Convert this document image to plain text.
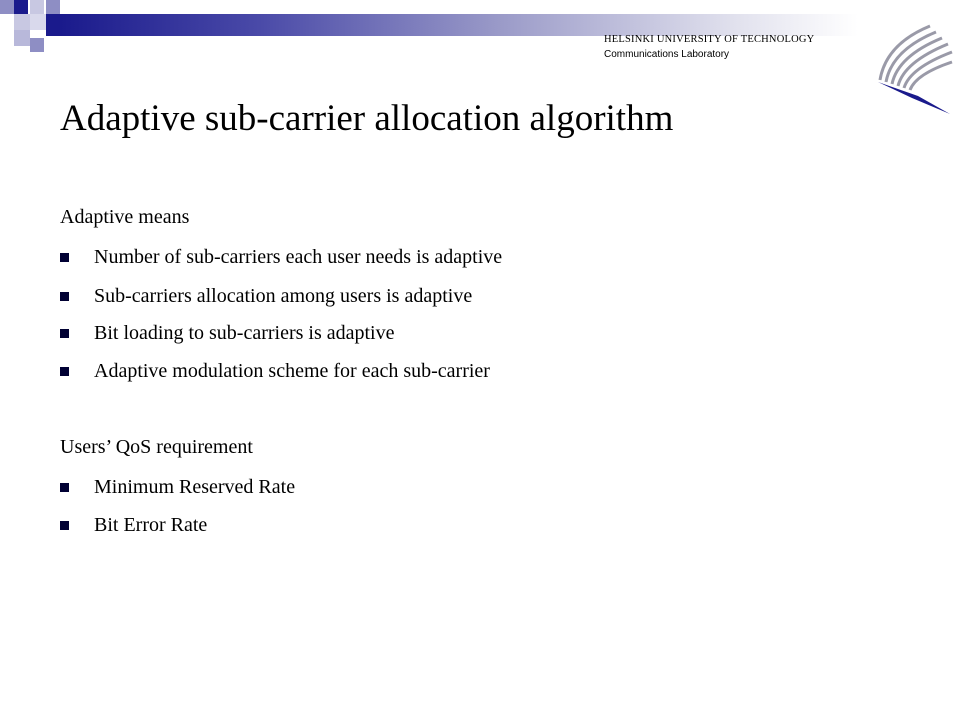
HELSINKI UNIVERSITY OF TECHNOLOGY
Communications Laboratory
Adaptive sub-carrier allocation algorithm
Adaptive means
Number of sub-carriers each user needs is adaptive
Sub-carriers allocation among users is adaptive
Bit loading to sub-carriers is adaptive
Adaptive modulation scheme for each sub-carrier
Users’ QoS requirement
Minimum Reserved Rate
Bit Error Rate
